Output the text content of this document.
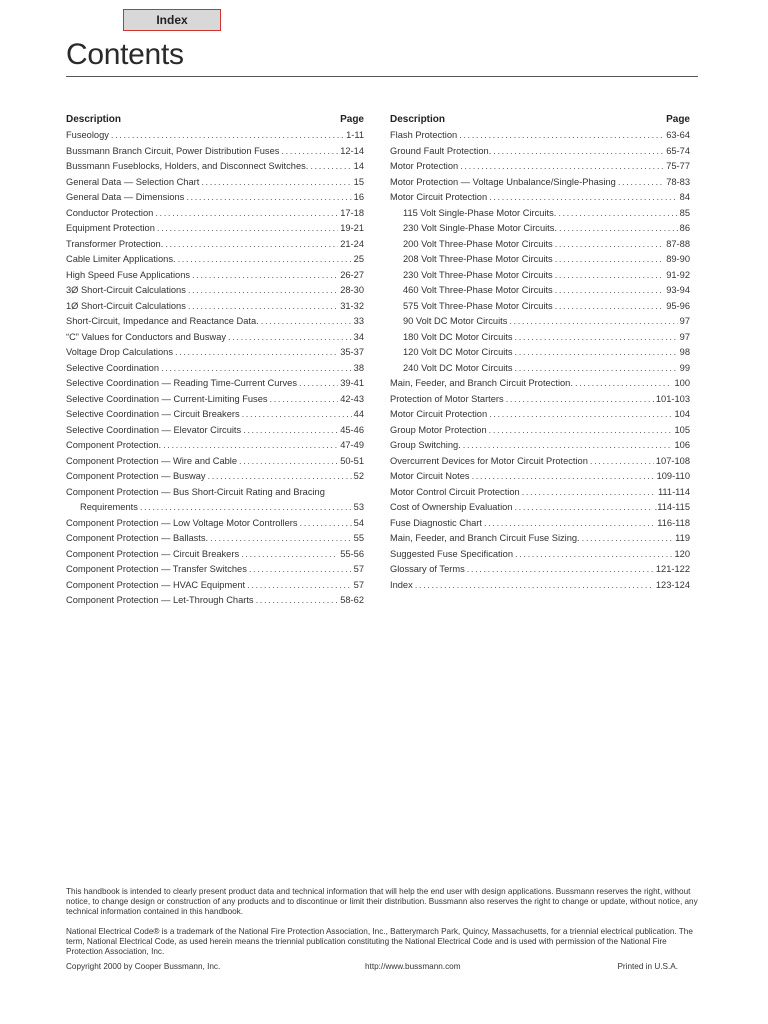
Index
Contents
Description	Page
Fuseology .....	1-11
Bussmann Branch Circuit, Power Distribution Fuses .....	12-14
Bussmann Fuseblocks, Holders, and Disconnect Switches. .....	14
General Data — Selection Chart .....	15
General Data — Dimensions .....	16
Conductor Protection .....	17-18
Equipment Protection .....	19-21
Transformer Protection. .....	21-24
Cable Limiter Applications. .....	25
High Speed Fuse Applications .....	26-27
3Ø Short-Circuit Calculations .....	28-30
1Ø Short-Circuit Calculations .....	31-32
Short-Circuit, Impedance and Reactance Data. .....	33
“C” Values for Conductors and Busway .....	34
Voltage Drop Calculations .....	35-37
Selective Coordination .....	38
Selective Coordination — Reading Time-Current Curves .....	39-41
Selective Coordination — Current-Limiting Fuses .....	42-43
Selective Coordination — Circuit Breakers .....	44
Selective Coordination — Elevator Circuits .....	45-46
Component Protection. .....	47-49
Component Protection — Wire and Cable .....	50-51
Component Protection — Busway .....	52
Component Protection — Bus Short-Circuit Rating and Bracing
Requirements .....	53
Component Protection — Low Voltage Motor Controllers .....	54
Component Protection — Ballasts. .....	55
Component Protection — Circuit Breakers .....	55-56
Component Protection — Transfer Switches .....	57
Component Protection — HVAC Equipment .....	57
Component Protection — Let-Through Charts .....	58-62
Description	Page
Flash Protection .....	63-64
Ground Fault Protection. .....	65-74
Motor Protection .....	75-77
Motor Protection — Voltage Unbalance/Single-Phasing .....	78-83
Motor Circuit Protection .....	84
115 Volt Single-Phase Motor Circuits. .....	85
230 Volt Single-Phase Motor Circuits. .....	86
200 Volt Three-Phase Motor Circuits .....	87-88
208 Volt Three-Phase Motor Circuits .....	89-90
230 Volt Three-Phase Motor Circuits .....	91-92
460 Volt Three-Phase Motor Circuits .....	93-94
575 Volt Three-Phase Motor Circuits .....	95-96
90 Volt DC Motor Circuits .....	97
180 Volt DC Motor Circuits .....	97
120 Volt DC Motor Circuits .....	98
240 Volt DC Motor Circuits .....	99
Main, Feeder, and Branch Circuit Protection. .....	100
Protection of Motor Starters .....	101-103
Motor Circuit Protection .....	104
Group Motor Protection .....	105
Group Switching. .....	106
Overcurrent Devices for Motor Circuit Protection .....	107-108
Motor Circuit Notes .....	109-110
Motor Control Circuit Protection .....	111-114
Cost of Ownership Evaluation .....	.114-115
Fuse Diagnostic Chart .....	116-118
Main, Feeder, and Branch Circuit Fuse Sizing. .....	119
Suggested Fuse Specification .....	120
Glossary of Terms .....	121-122
Index .....	123-124

This handbook is intended to clearly present product data and technical information that will help the end user with design applications. Bussmann reserves the right, without notice, to change design or construction of any products and to discontinue or limit their distribution. Bussmann also reserves the right to change or update, without notice, any technical information contained in this handbook.

National Electrical Code® is a trademark of the National Fire Protection Association, Inc., Batterymarch Park, Quincy, Massachusetts, for a triennial electrical publication. The term, National Electrical Code, as used herein means the triennial publication constituting the National Electrical Code and is used with permission of the National Fire Protection Association, Inc.

Copyright 2000 by Cooper Bussmann, Inc.	http://www.bussmann.com	Printed in U.S.A.
